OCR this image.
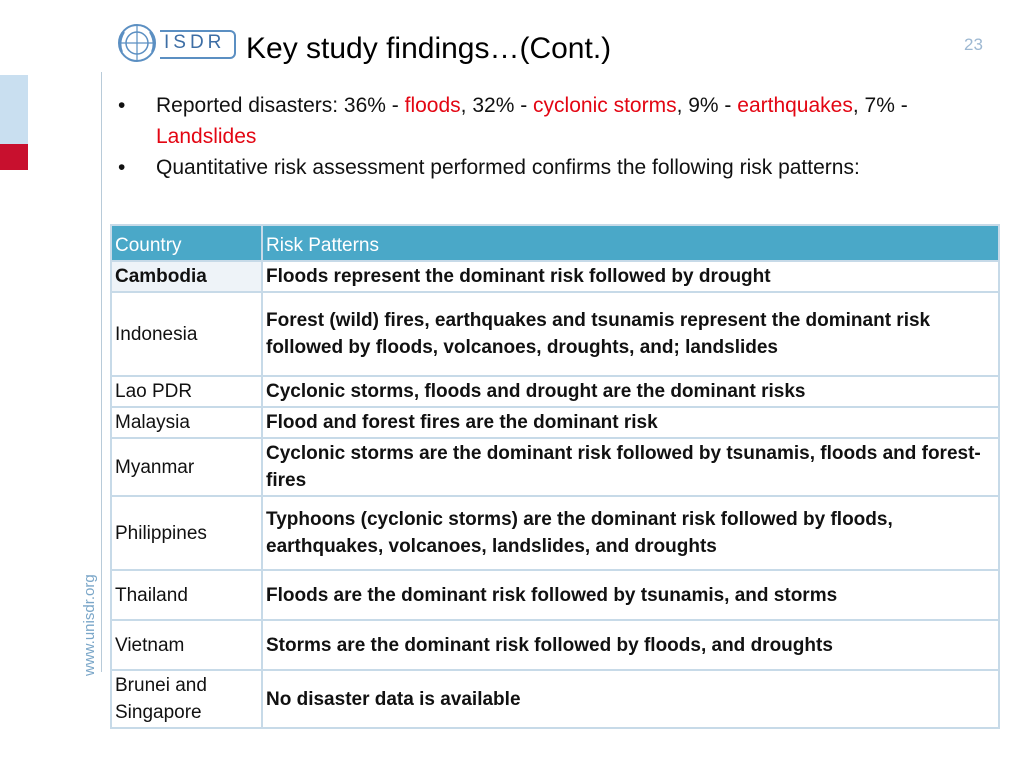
www.unisdr.org
ISDR Key study findings…(Cont.)	23
• Reported disasters: 36% - floods, 32% - cyclonic storms, 9% - earthquakes, 7% - Landslides
• Quantitative risk assessment performed confirms the following risk patterns:
Country	Risk Patterns
Cambodia	Floods represent the dominant risk followed by drought
Indonesia	Forest (wild) fires, earthquakes and tsunamis represent the dominant risk followed by floods, volcanoes, droughts, and; landslides
Lao PDR	Cyclonic storms, floods and drought are the dominant risks
Malaysia	Flood and forest fires are the dominant risk
Myanmar	Cyclonic storms are the dominant risk followed by tsunamis, floods and forest-fires
Philippines	Typhoons (cyclonic storms) are the dominant risk followed by floods, earthquakes, volcanoes, landslides, and droughts
Thailand	Floods are the dominant risk followed by tsunamis, and storms
Vietnam	Storms are the dominant risk followed by floods, and droughts
Brunei and Singapore	No disaster data is available
